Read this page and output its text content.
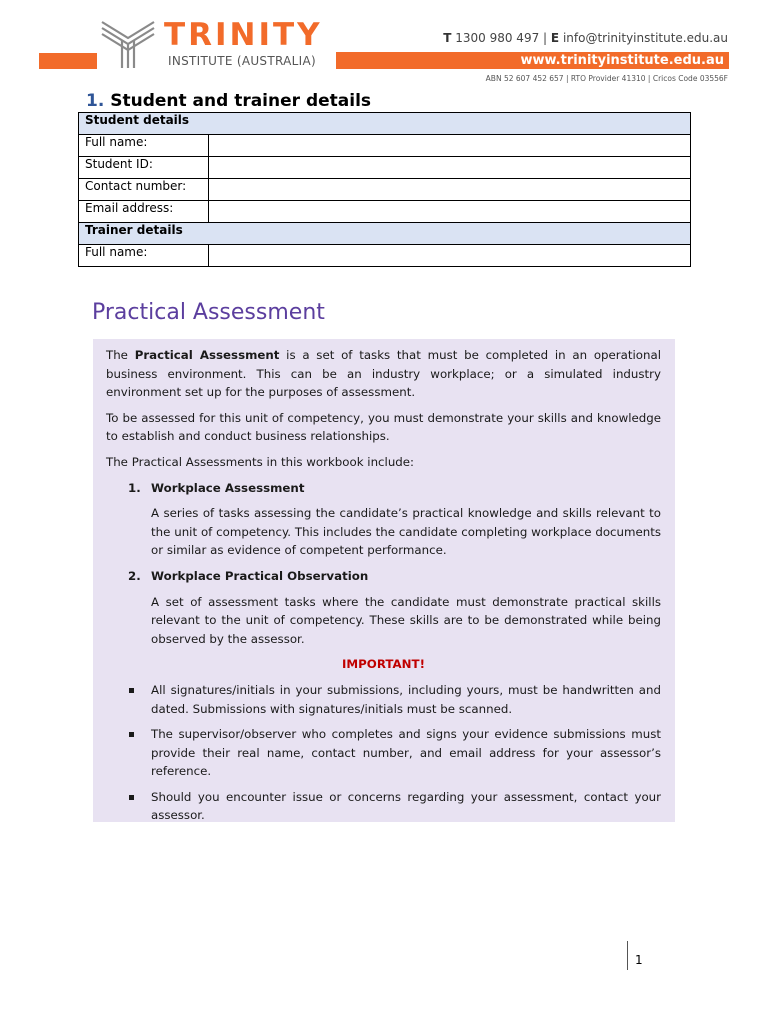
TRINITY
INSTITUTE (AUSTRALIA)
T 1300 980 497 | E info@trinityinstitute.edu.au
www.trinityinstitute.edu.au
ABN 52 607 452 657 | RTO Provider 41310 | Cricos Code 03556F
1. Student and trainer details
Student details	
Full name:	
Student ID:	
Contact number:	
Email address:	
Trainer details	
Full name:	
Practical Assessment

The Practical Assessment is a set of tasks that must be completed in an operational business environment. This can be an industry workplace; or a simulated industry environment set up for the purposes of assessment.

To be assessed for this unit of competency, you must demonstrate your skills and knowledge to establish and conduct business relationships.

The Practical Assessments in this workbook include:

1. Workplace Assessment

A series of tasks assessing the candidate’s practical knowledge and skills relevant to the unit of competency. This includes the candidate completing workplace documents or similar as evidence of competent performance.

2. Workplace Practical Observation

A set of assessment tasks where the candidate must demonstrate practical skills relevant to the unit of competency. These skills are to be demonstrated while being observed by the assessor.

IMPORTANT!

All signatures/initials in your submissions, including yours, must be handwritten and dated. Submissions with signatures/initials must be scanned.
The supervisor/observer who completes and signs your evidence submissions must provide their real name, contact number, and email address for your assessor’s reference.
Should you encounter issue or concerns regarding your assessment, contact your assessor.
1
